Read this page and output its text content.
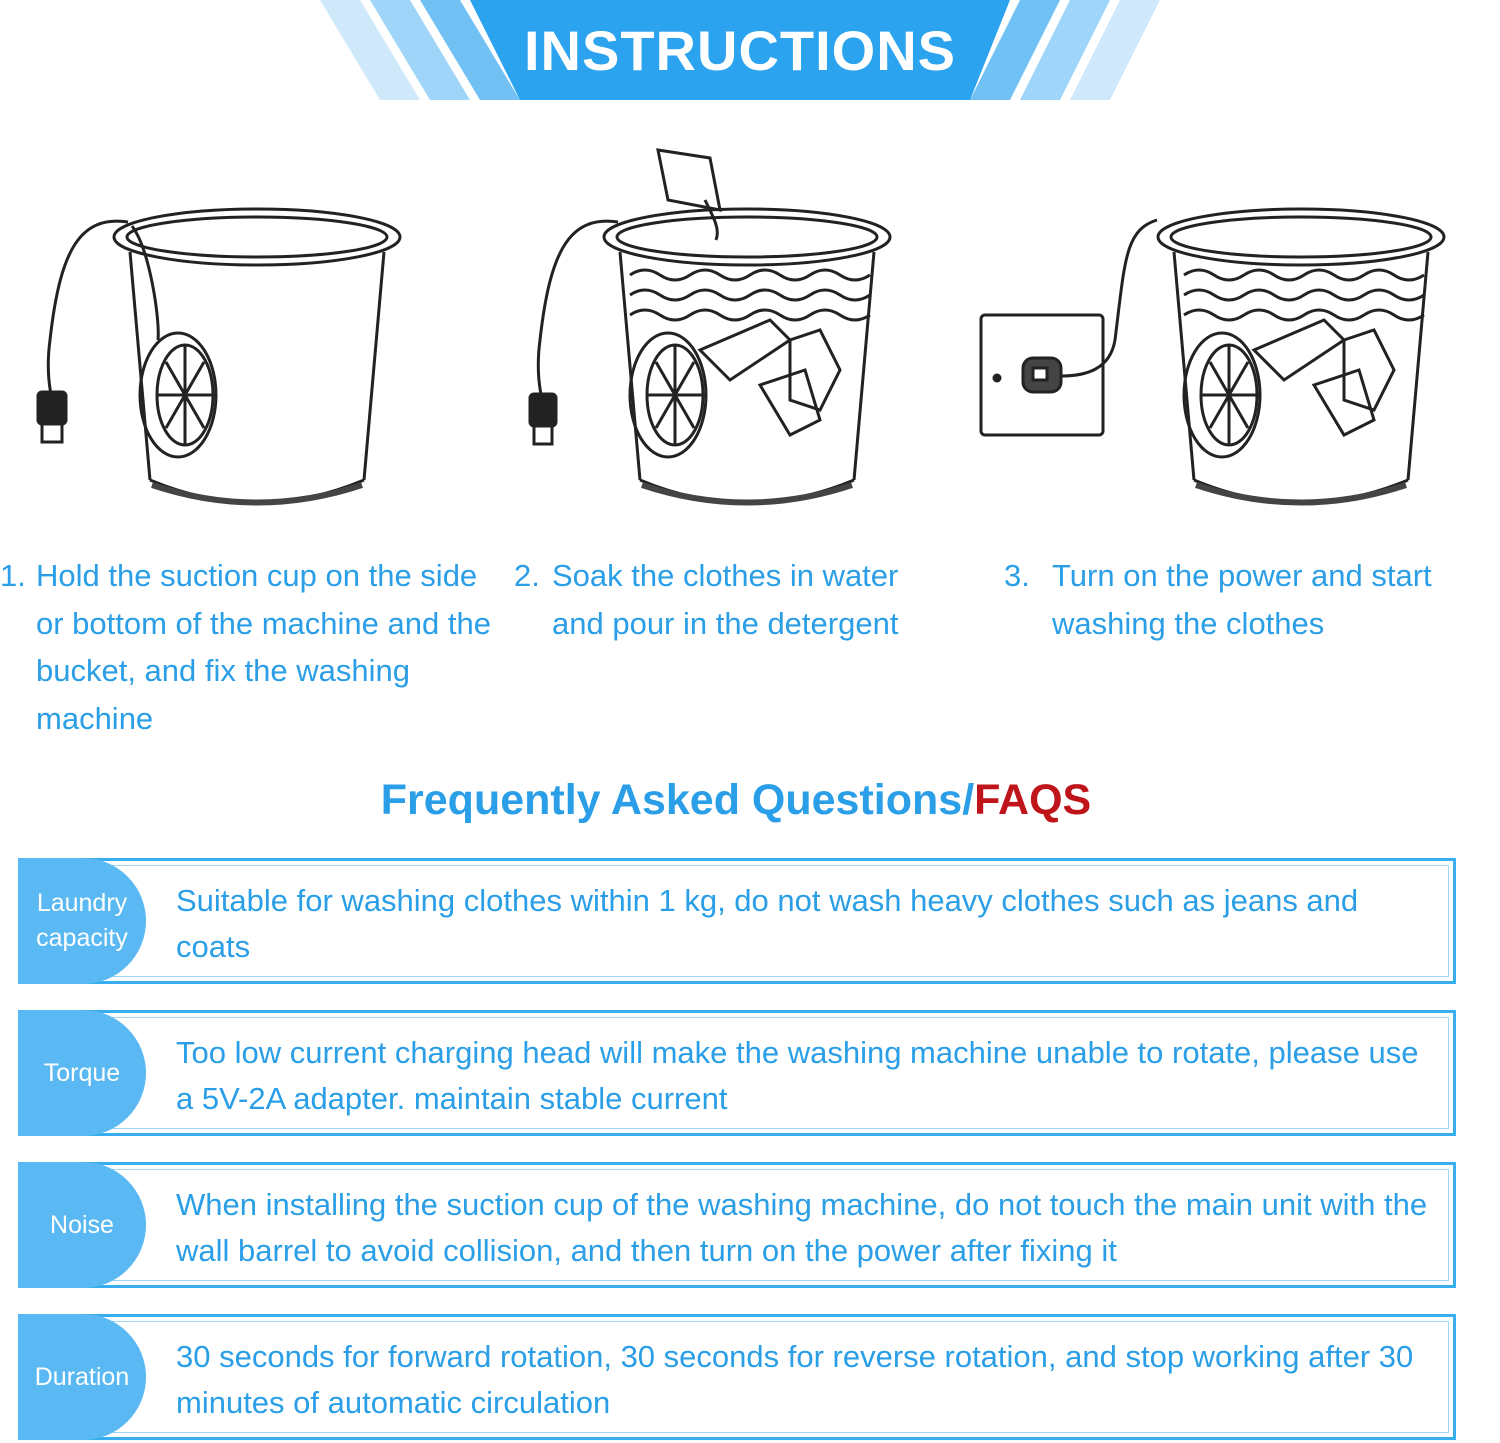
INSTRUCTIONS
1. Hold the suction cup on the side or bottom of the machine and the bucket, and fix the washing machine
2. Soak the clothes in water and pour in the detergent
3. Turn on the power and start washing the clothes
Frequently Asked Questions/FAQS
Laundry capacity
Suitable for washing clothes within 1 kg, do not wash heavy clothes such as jeans and coats
Torque
Too low current charging head will make the washing machine unable to rotate, please use a 5V-2A adapter. maintain stable current
Noise
When installing the suction cup of the washing machine, do not touch the main unit with the wall barrel to avoid collision, and then turn on the power after fixing it
Duration
30 seconds for forward rotation, 30 seconds for reverse rotation, and stop working after 30 minutes of automatic circulation
